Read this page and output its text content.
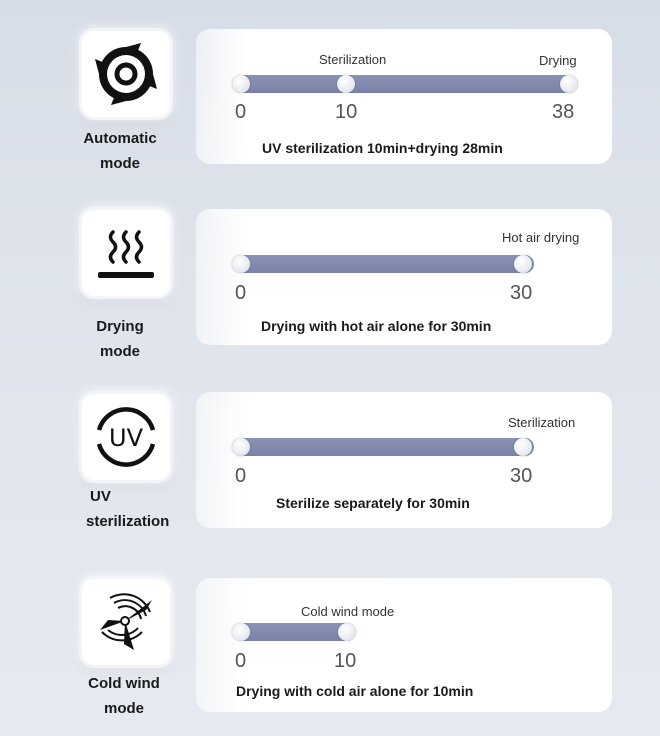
Automatic
mode
Sterilization	Drying
0	10	38
UV sterilization 10min+drying 28min
Drying
mode
Hot air drying
0	30
Drying with hot air alone for 30min
UV
UV
sterilization
Sterilization
0	30
Sterilize separately for 30min
Cold wind
mode
Cold wind mode
0	10
Drying with cold air alone for 10min
